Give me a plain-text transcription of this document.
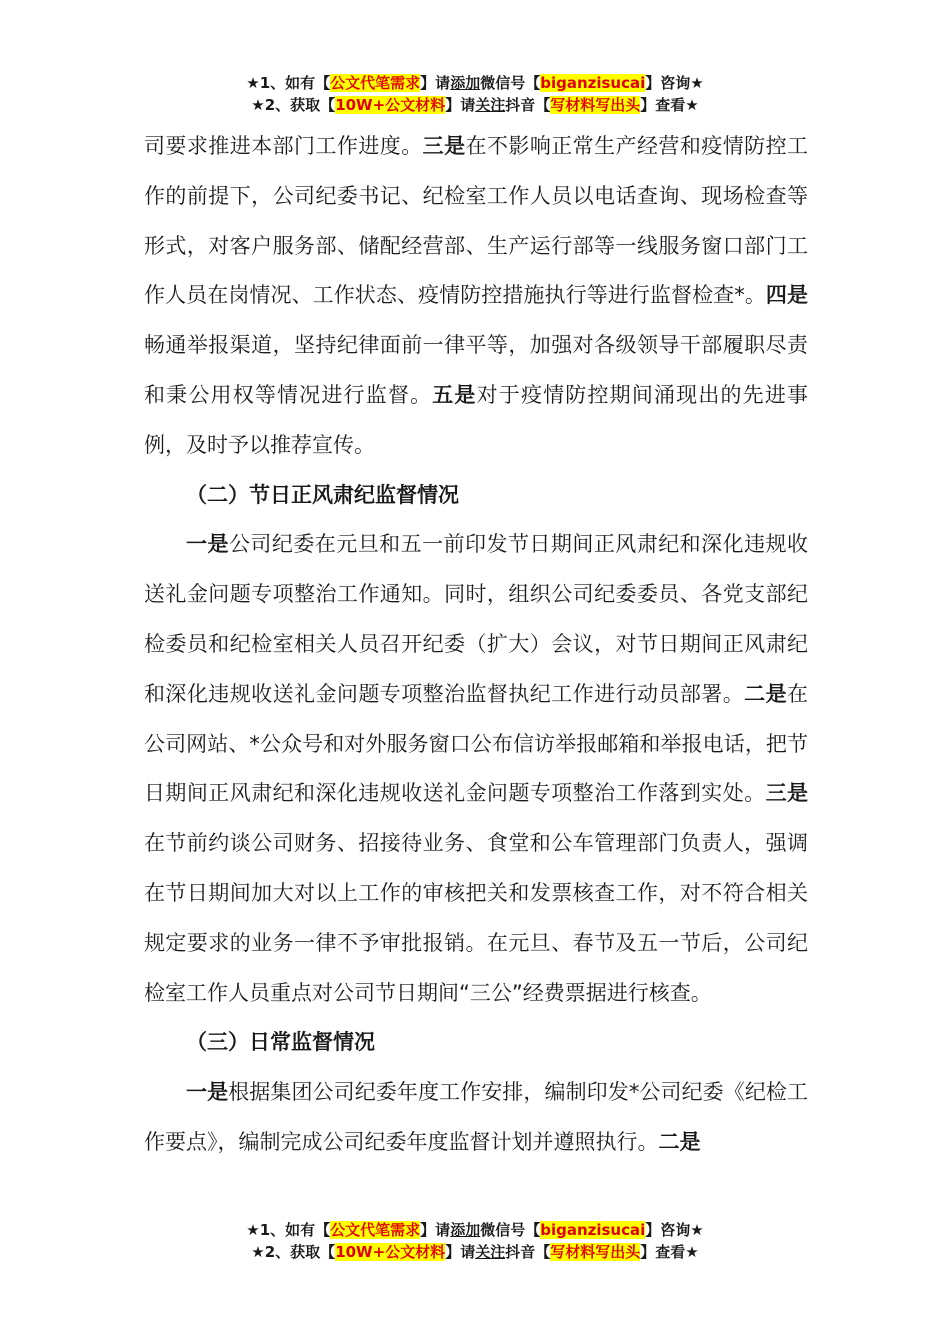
★1、如有【公文代笔需求】请添加微信号【biganzisucai】咨询★
★2、获取【10W+公文材料】请关注抖音【写材料写出头】查看★

司要求推进本部门工作进度。三是在不影响正常生产经营和疫情防控工作的前提下，公司纪委书记、纪检室工作人员以电话查询、现场检查等形式，对客户服务部、储配经营部、生产运行部等一线服务窗口部门工作人员在岗情况、工作状态、疫情防控措施执行等进行监督检查*。四是畅通举报渠道，坚持纪律面前一律平等，加强对各级领导干部履职尽责和秉公用权等情况进行监督。五是对于疫情防控期间涌现出的先进事例，及时予以推荐宣传。

（二）节日正风肃纪监督情况

一是公司纪委在元旦和五一前印发节日期间正风肃纪和深化违规收送礼金问题专项整治工作通知。同时，组织公司纪委委员、各党支部纪检委员和纪检室相关人员召开纪委（扩大）会议，对节日期间正风肃纪和深化违规收送礼金问题专项整治监督执纪工作进行动员部署。二是在公司网站、*公众号和对外服务窗口公布信访举报邮箱和举报电话，把节日期间正风肃纪和深化违规收送礼金问题专项整治工作落到实处。三是在节前约谈公司财务、招接待业务、食堂和公车管理部门负责人，强调在节日期间加大对以上工作的审核把关和发票核查工作，对不符合相关规定要求的业务一律不予审批报销。在元旦、春节及五一节后，公司纪检室工作人员重点对公司节日期间“三公”经费票据进行核查。

（三）日常监督情况

一是根据集团公司纪委年度工作安排，编制印发*公司纪委《纪检工作要点》，编制完成公司纪委年度监督计划并遵照执行。二是

★1、如有【公文代笔需求】请添加微信号【biganzisucai】咨询★
★2、获取【10W+公文材料】请关注抖音【写材料写出头】查看★
